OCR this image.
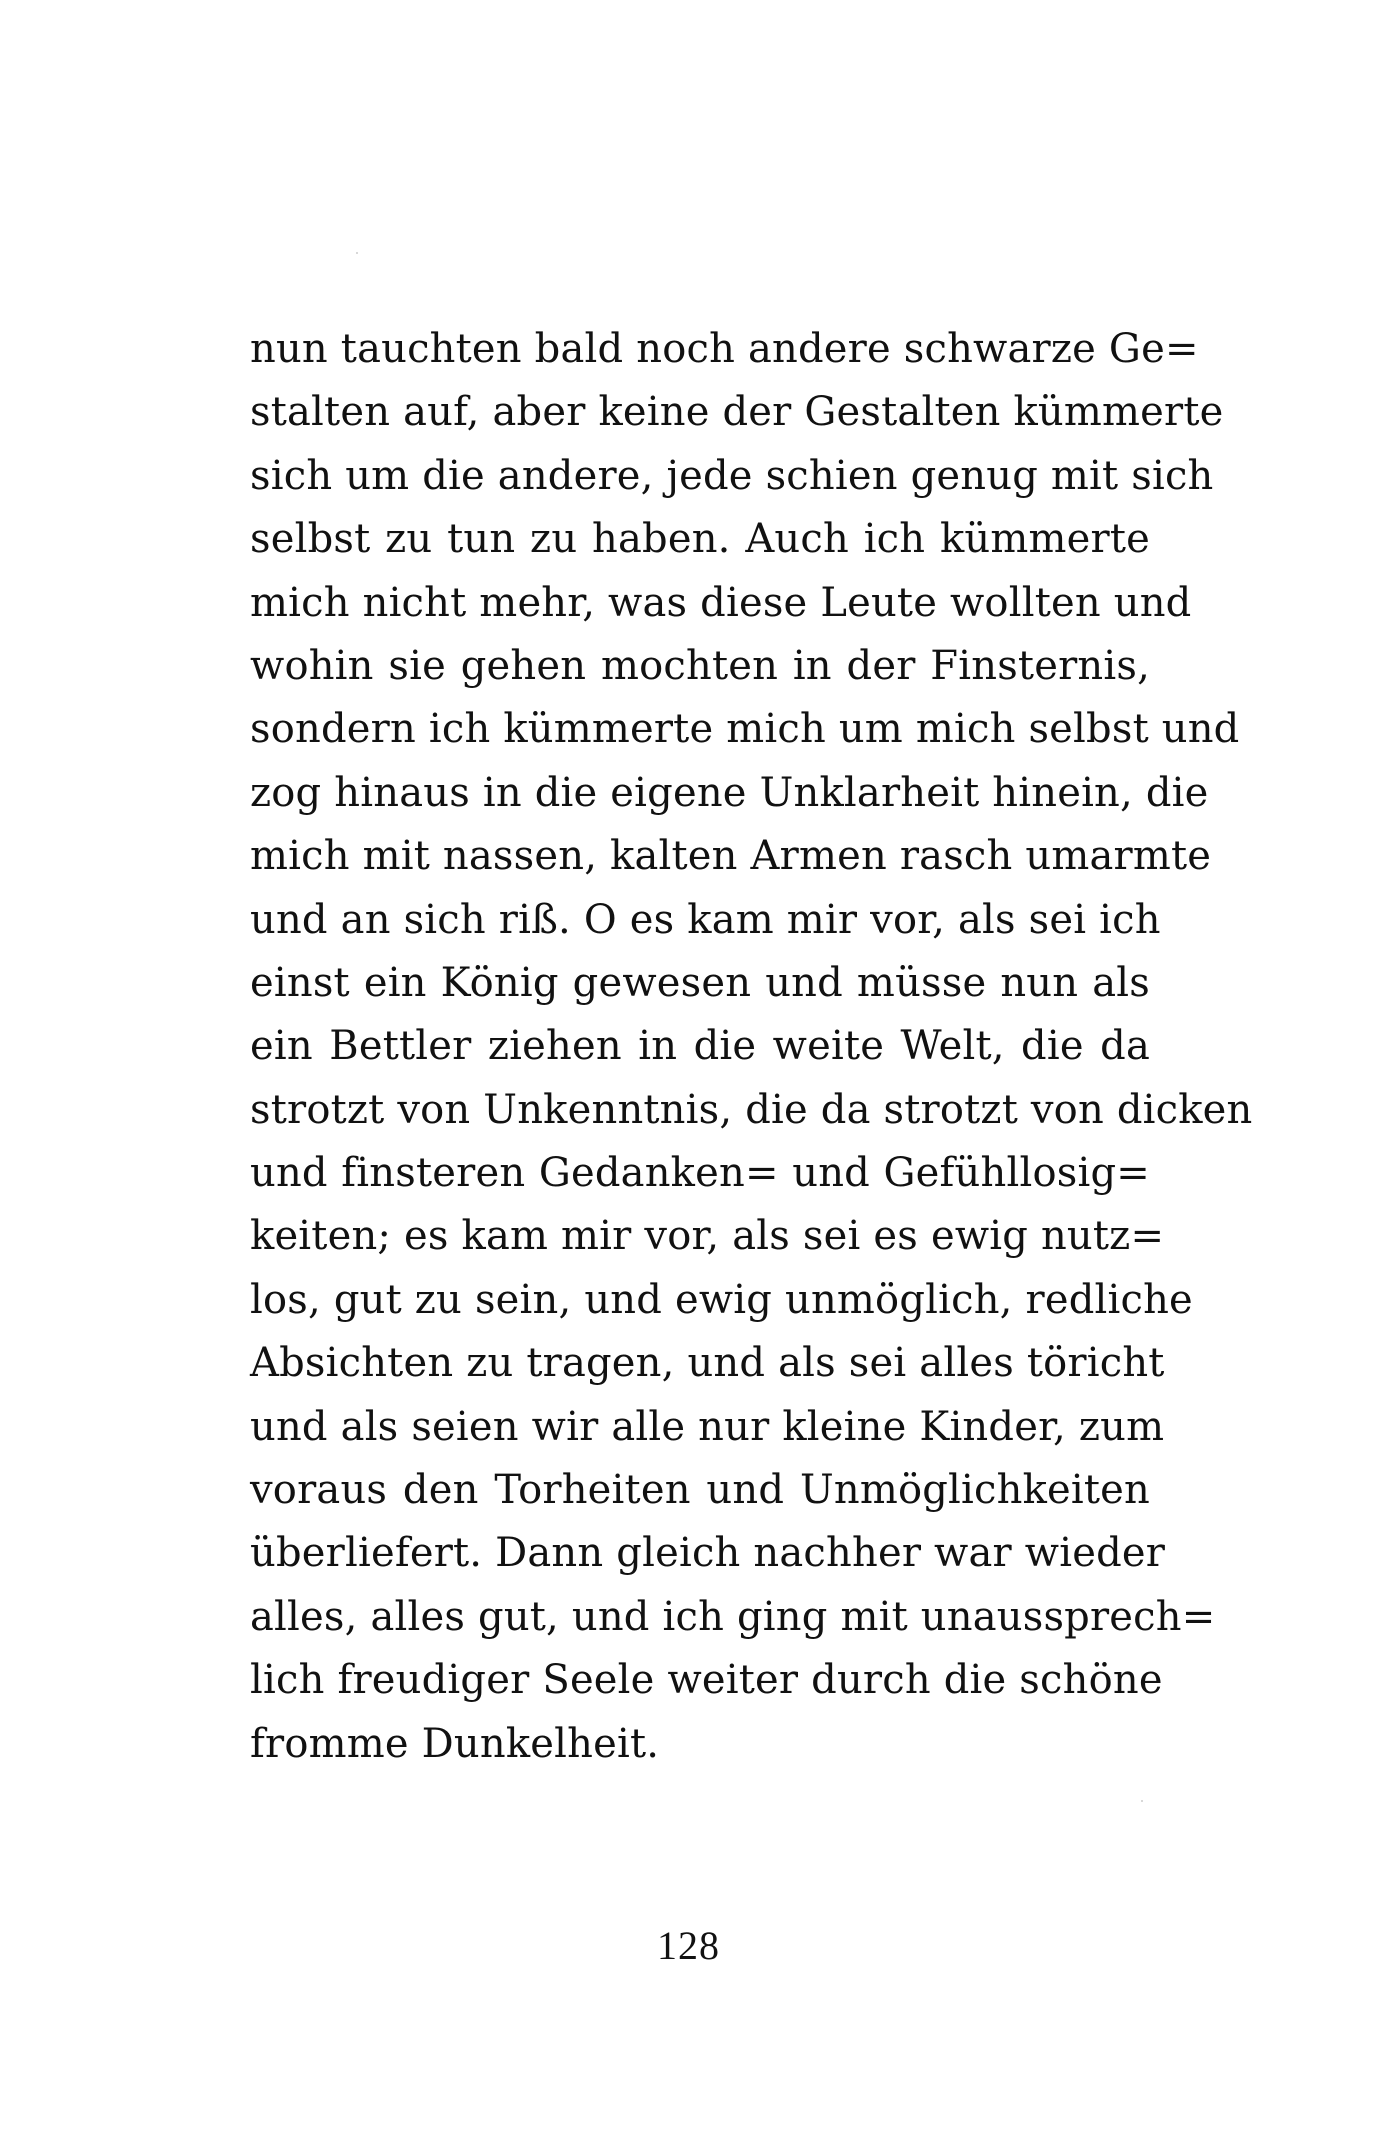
nun tauchten bald noch andere schwarze Ge=
stalten auf, aber keine der Gestalten kümmerte
sich um die andere, jede schien genug mit sich
selbst zu tun zu haben. Auch ich kümmerte
mich nicht mehr, was diese Leute wollten und
wohin sie gehen mochten in der Finsternis,
sondern ich kümmerte mich um mich selbst und
zog hinaus in die eigene Unklarheit hinein, die
mich mit nassen, kalten Armen rasch umarmte
und an sich riß. O es kam mir vor, als sei ich
einst ein König gewesen und müsse nun als
ein Bettler ziehen in die weite Welt, die da
strotzt von Unkenntnis, die da strotzt von dicken
und finsteren Gedanken= und Gefühllosig=
keiten; es kam mir vor, als sei es ewig nutz=
los, gut zu sein, und ewig unmöglich, redliche
Absichten zu tragen, und als sei alles töricht
und als seien wir alle nur kleine Kinder, zum
voraus den Torheiten und Unmöglichkeiten
überliefert. Dann gleich nachher war wieder
alles, alles gut, und ich ging mit unaussprech=
lich freudiger Seele weiter durch die schöne
fromme Dunkelheit.
128
